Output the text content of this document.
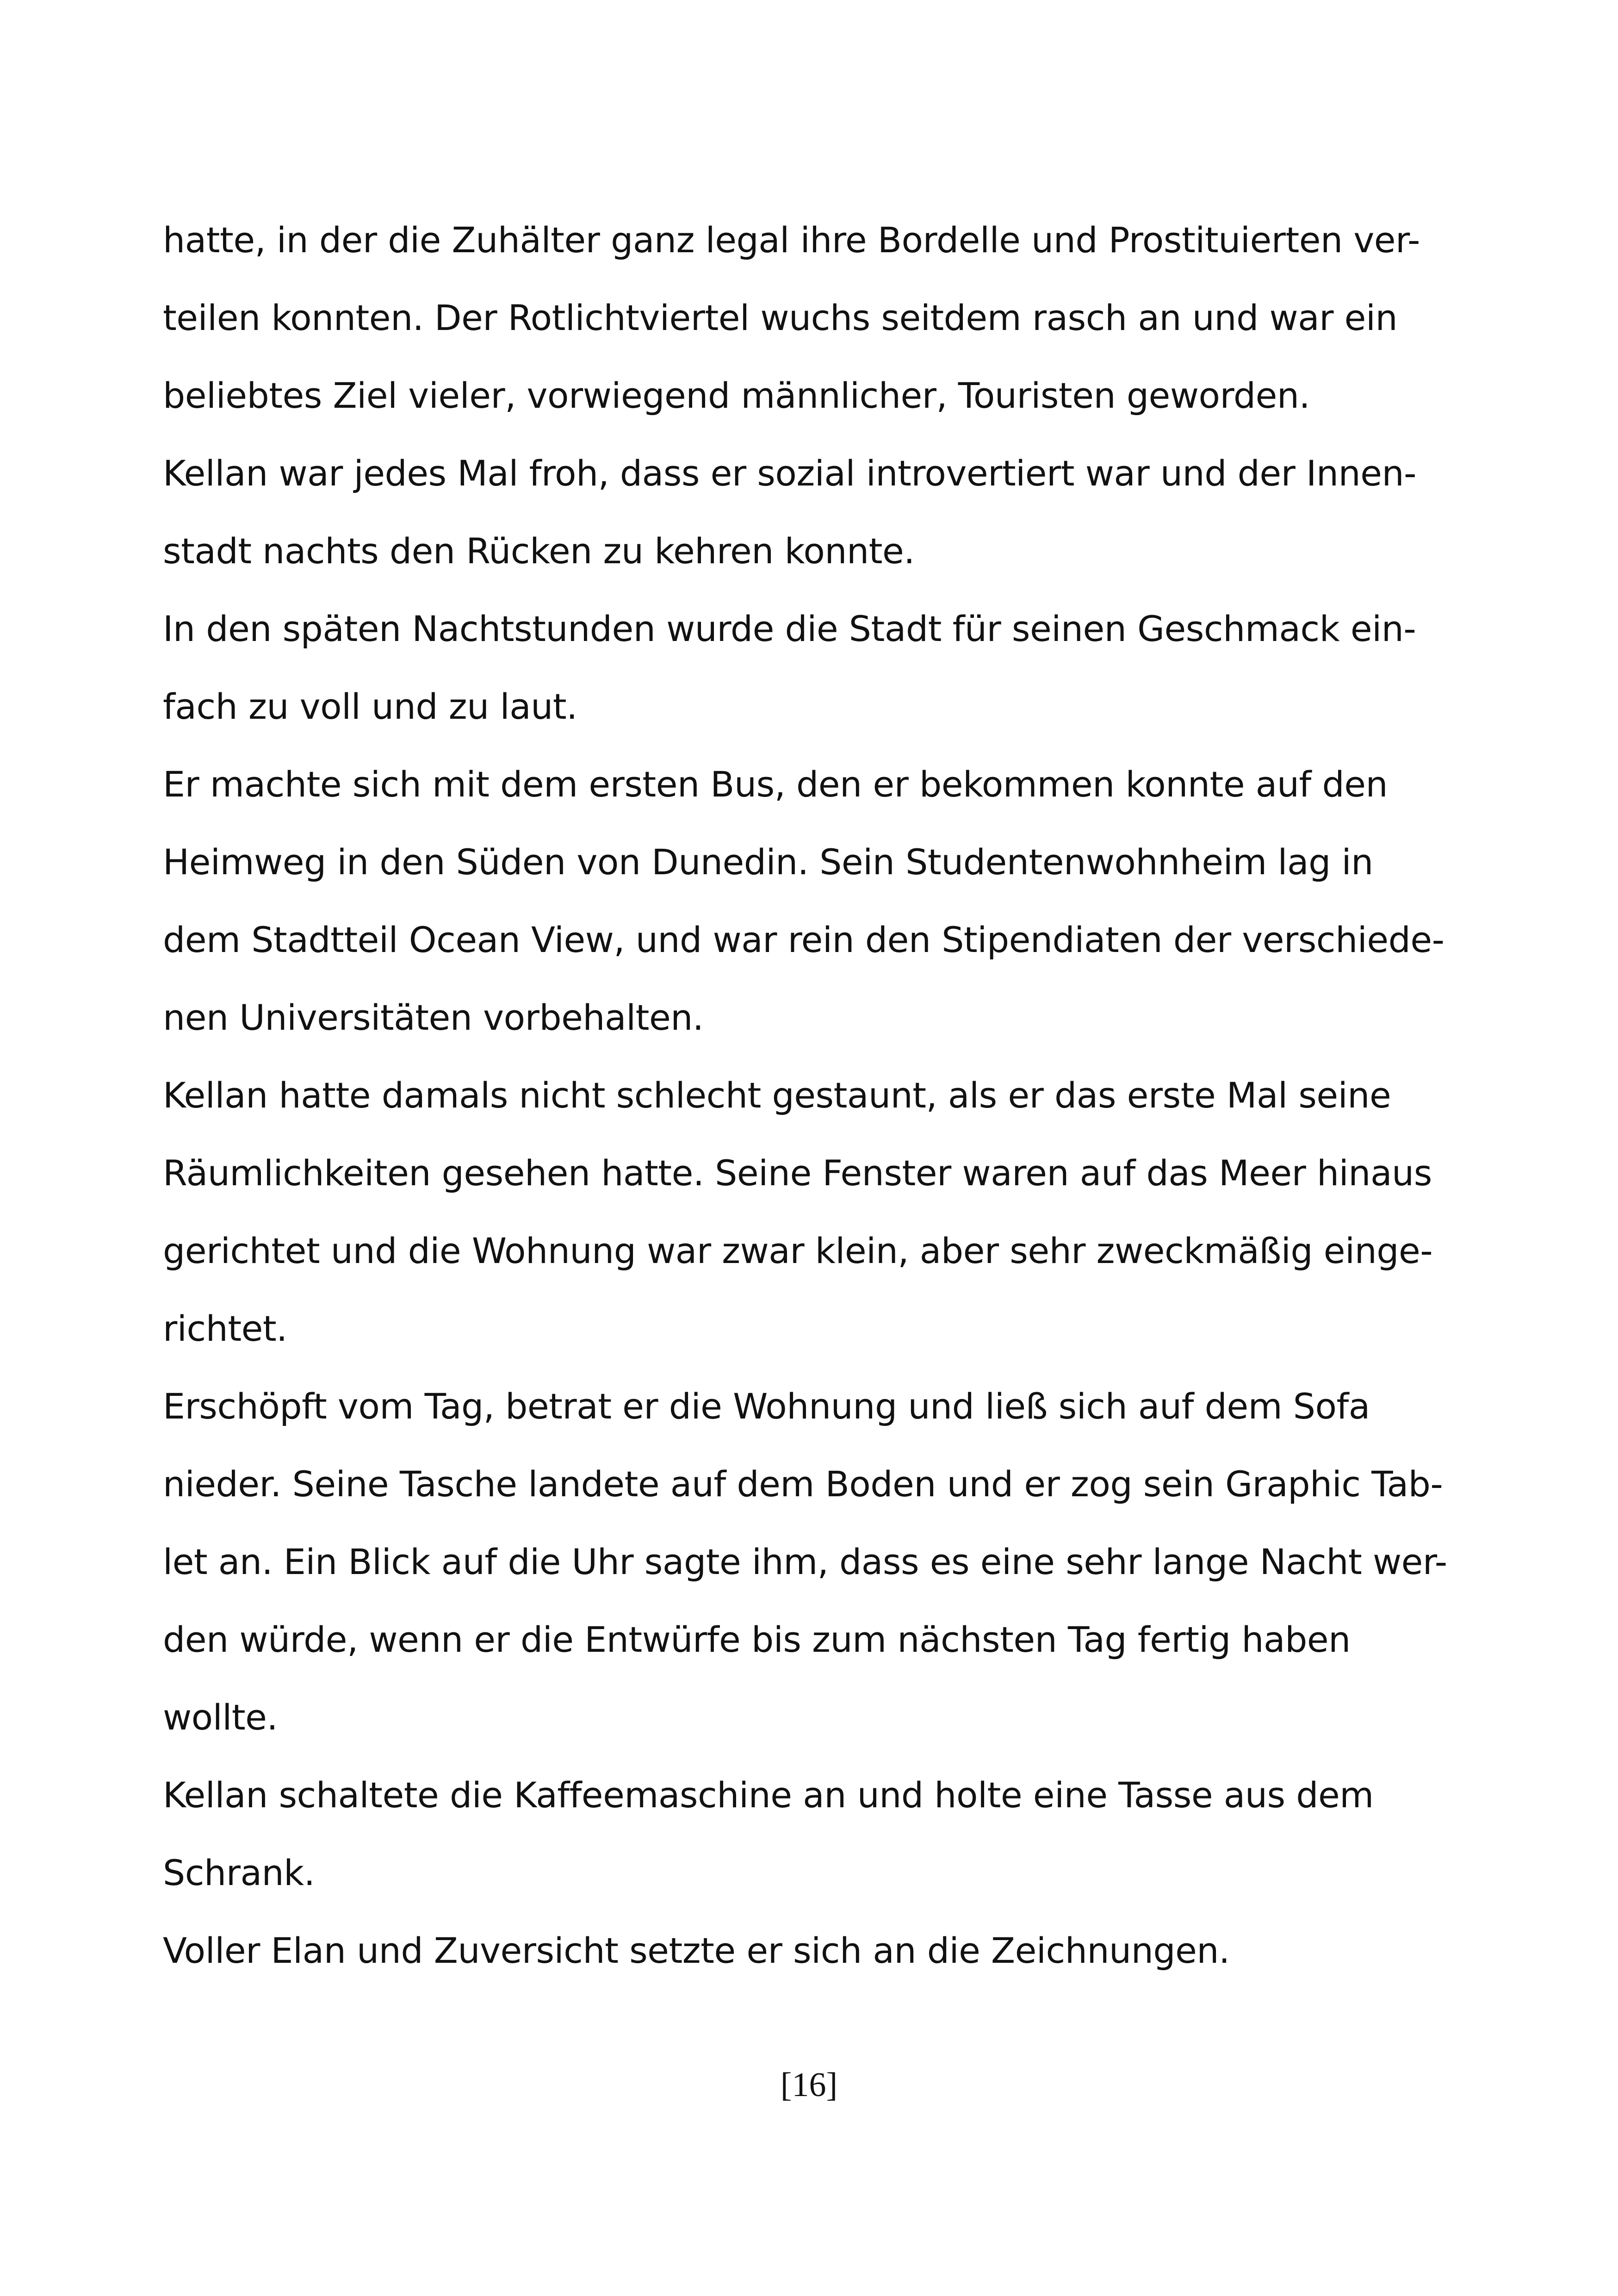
hatte, in der die Zuhälter ganz legal ihre Bordelle und Prostituierten ver-
teilen konnten. Der Rotlichtviertel wuchs seitdem rasch an und war ein
beliebtes Ziel vieler, vorwiegend männlicher, Touristen geworden.
Kellan war jedes Mal froh, dass er sozial introvertiert war und der Innen-
stadt nachts den Rücken zu kehren konnte.
In den späten Nachtstunden wurde die Stadt für seinen Geschmack ein-
fach zu voll und zu laut.
Er machte sich mit dem ersten Bus, den er bekommen konnte auf den
Heimweg in den Süden von Dunedin. Sein Studentenwohnheim lag in
dem Stadtteil Ocean View, und war rein den Stipendiaten der verschiede-
nen Universitäten vorbehalten.
Kellan hatte damals nicht schlecht gestaunt, als er das erste Mal seine
Räumlichkeiten gesehen hatte. Seine Fenster waren auf das Meer hinaus
gerichtet und die Wohnung war zwar klein, aber sehr zweckmäßig einge-
richtet.
Erschöpft vom Tag, betrat er die Wohnung und ließ sich auf dem Sofa
nieder. Seine Tasche landete auf dem Boden und er zog sein Graphic Tab-
let an. Ein Blick auf die Uhr sagte ihm, dass es eine sehr lange Nacht wer-
den würde, wenn er die Entwürfe bis zum nächsten Tag fertig haben
wollte.
Kellan schaltete die Kaffeemaschine an und holte eine Tasse aus dem
Schrank.
Voller Elan und Zuversicht setzte er sich an die Zeichnungen.
[16]
